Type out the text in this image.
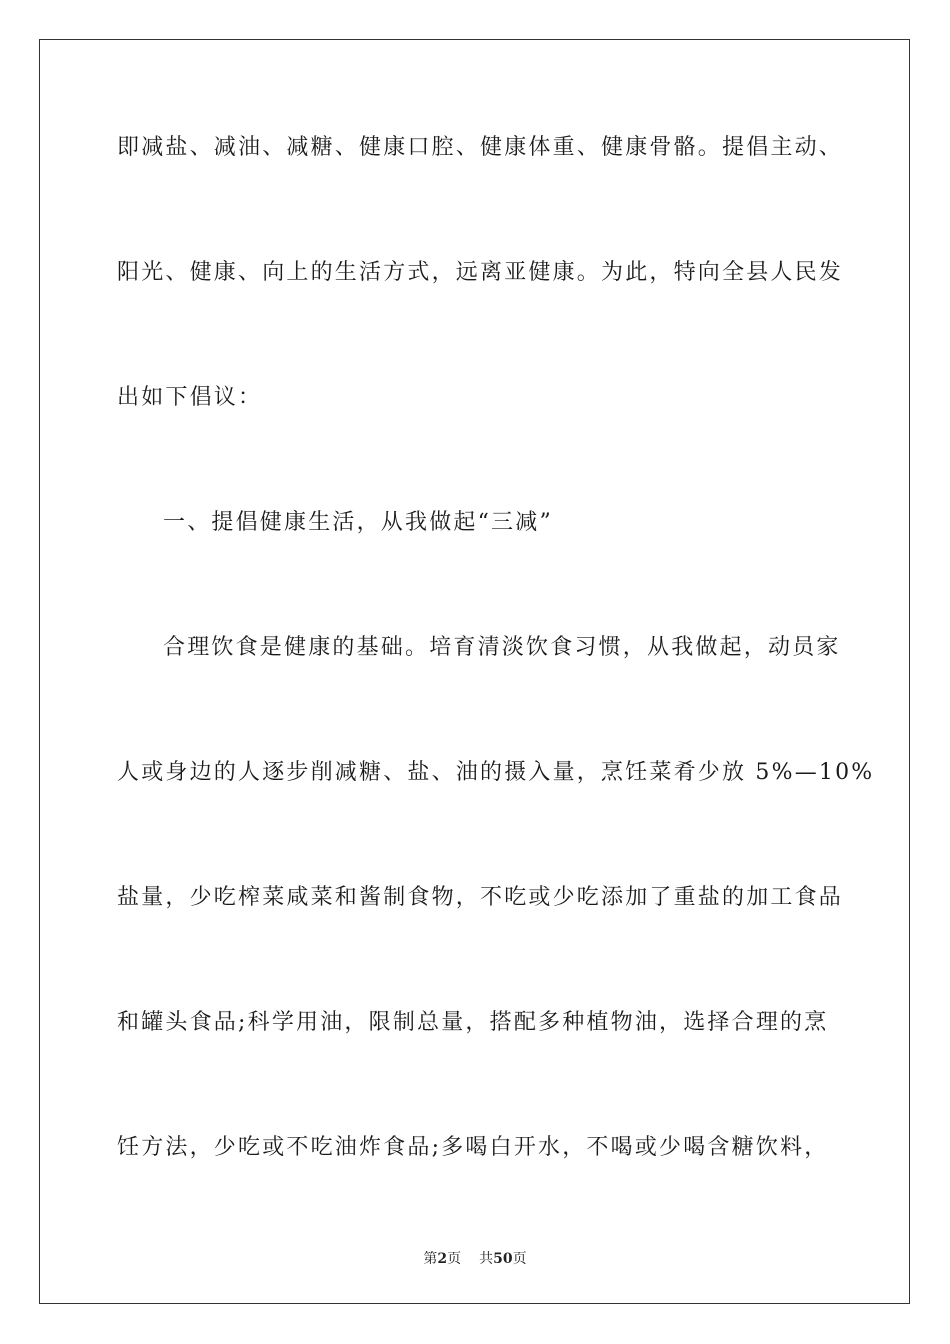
即减盐、减油、减糖、健康口腔、健康体重、健康骨骼。提倡主动、
阳光、健康、向上的生活方式，远离亚健康。为此，特向全县人民发
出如下倡议：
一、提倡健康生活，从我做起“三减”
合理饮食是健康的基础。培育清淡饮食习惯，从我做起，动员家
人或身边的人逐步削减糖、盐、油的摄入量，烹饪菜肴少放 5%—10%
盐量，少吃榨菜咸菜和酱制食物，不吃或少吃添加了重盐的加工食品
和罐头食品;科学用油，限制总量，搭配多种植物油，选择合理的烹
饪方法，少吃或不吃油炸食品;多喝白开水，不喝或少喝含糖饮料，
第2页 共50页
